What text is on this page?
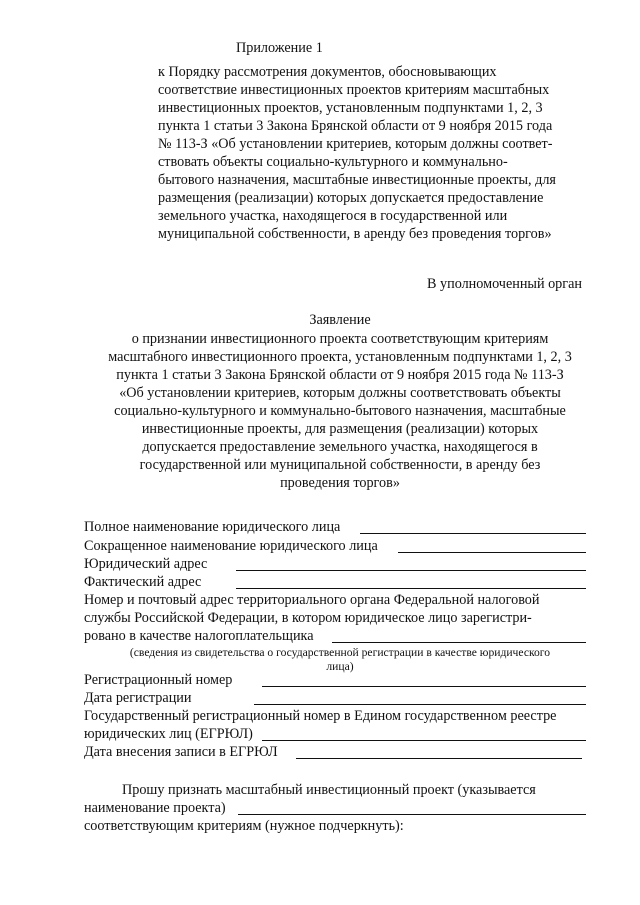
Приложение 1
к Порядку рассмотрения документов, обосновывающих
соответствие инвестиционных проектов критериям масштабных
инвестиционных проектов, установленным подпунктами 1, 2, 3
пункта 1 статьи 3 Закона Брянской области от 9 ноября 2015 года
№ 113-З «Об установлении критериев, которым должны соответ-
ствовать объекты социально-культурного и коммунально-
бытового назначения, масштабные инвестиционные проекты, для
размещения (реализации) которых допускается предоставление
земельного участка, находящегося в государственной или
муниципальной собственности, в аренду без проведения торгов»
В уполномоченный орган
Заявление
о признании инвестиционного проекта соответствующим критериям
масштабного инвестиционного проекта, установленным подпунктами 1, 2, 3
пункта 1 статьи 3 Закона Брянской области от 9 ноября 2015 года № 113-З
«Об установлении критериев, которым должны соответствовать объекты
социально-культурного и коммунально-бытового назначения, масштабные
инвестиционные проекты, для размещения (реализации) которых
допускается предоставление земельного участка, находящегося в
государственной или муниципальной собственности, в аренду без
проведения торгов»
Полное наименование юридического лица
Сокращенное наименование юридического лица
Юридический адрес
Фактический адрес
Номер и почтовый адрес территориального органа Федеральной налоговой
службы Российской Федерации, в котором юридическое лицо зарегистри-
ровано в качестве налогоплательщика
(сведения из свидетельства о государственной регистрации в качестве юридического
лица)
Регистрационный номер
Дата регистрации
Государственный регистрационный номер в Едином государственном реестре
юридических лиц (ЕГРЮЛ)
Дата внесения записи в ЕГРЮЛ
Прошу признать масштабный инвестиционный проект (указывается
наименование проекта)
соответствующим критериям (нужное подчеркнуть):
